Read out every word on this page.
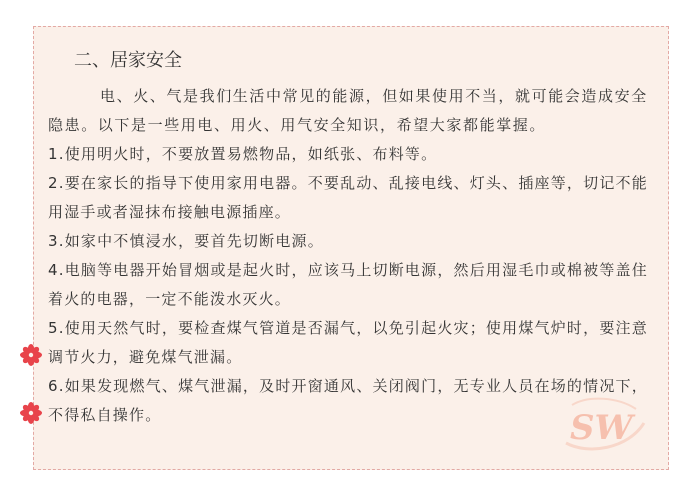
二、居家安全

电、火、气是我们生活中常见的能源，但如果使用不当，就可能会造成安全隐患。以下是一些用电、用火、用气安全知识，希望大家都能掌握。

1.使用明火时，不要放置易燃物品，如纸张、布料等。

2.要在家长的指导下使用家用电器。不要乱动、乱接电线、灯头、插座等，切记不能用湿手或者湿抹布接触电源插座。

3.如家中不慎浸水，要首先切断电源。

4.电脑等电器开始冒烟或是起火时，应该马上切断电源，然后用湿毛巾或棉被等盖住着火的电器，一定不能泼水灭火。

5.使用天然气时，要检查煤气管道是否漏气，以免引起火灾；使用煤气炉时，要注意调节火力，避免煤气泄漏。

6.如果发现燃气、煤气泄漏，及时开窗通风、关闭阀门，无专业人员在场的情况下，不得私自操作。	SW
